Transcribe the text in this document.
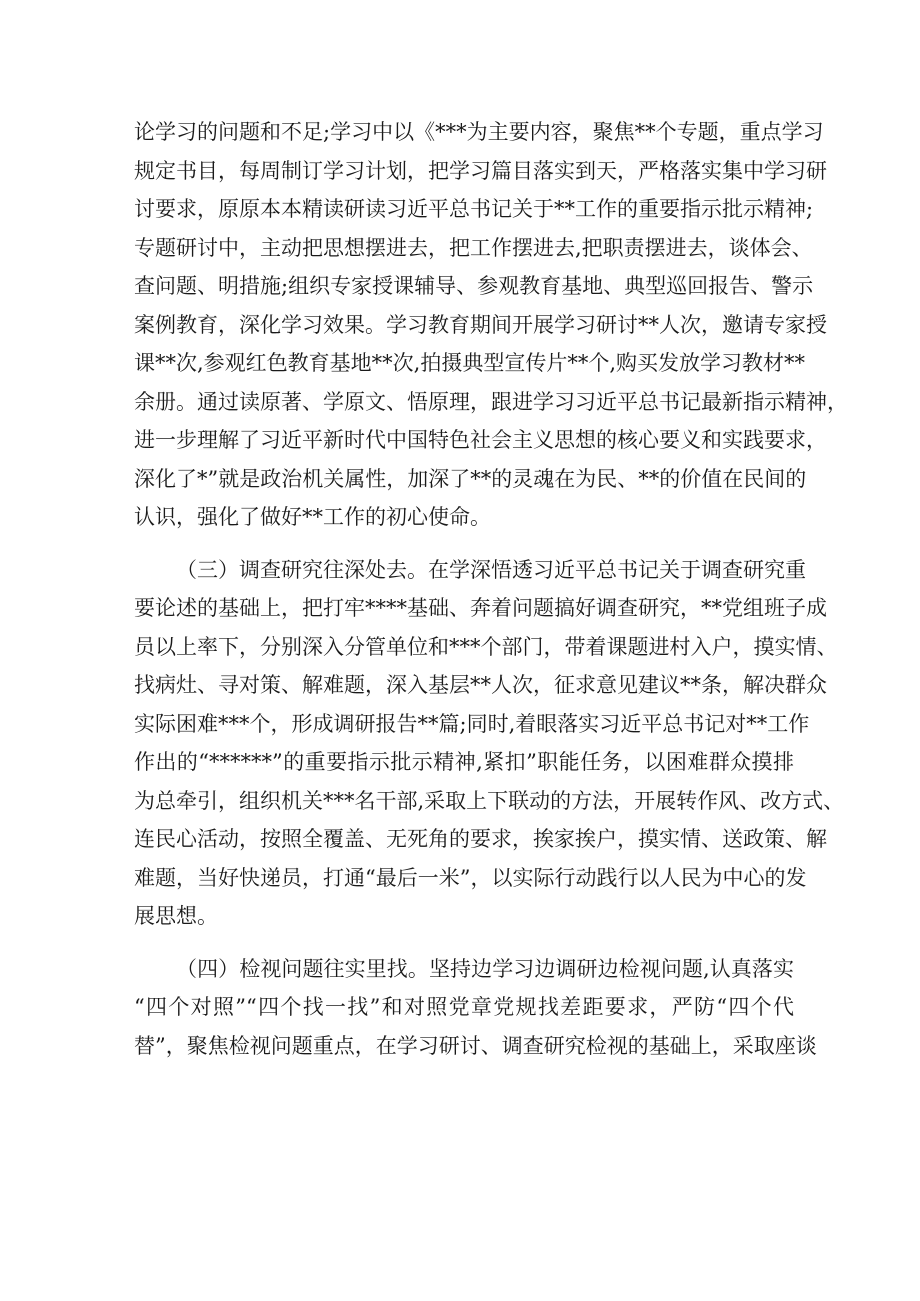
论学习的问题和不足;学习中以《***为主要内容，聚焦**个专题，重点学习
规定书目，每周制订学习计划，把学习篇目落实到天，严格落实集中学习研
讨要求，原原本本精读研读习近平总书记关于**工作的重要指示批示精神;
专题研讨中，主动把思想摆进去，把工作摆进去,把职责摆进去，谈体会、
查问题、明措施;组织专家授课辅导、参观教育基地、典型巡回报告、警示
案例教育，深化学习效果。学习教育期间开展学习研讨**人次，邀请专家授
课**次,参观红色教育基地**次,拍摄典型宣传片**个,购买发放学习教材**
余册。通过读原著、学原文、悟原理，跟进学习习近平总书记最新指示精神，
进一步理解了习近平新时代中国特色社会主义思想的核心要义和实践要求，
深化了*”就是政治机关属性，加深了**的灵魂在为民、**的价值在民间的
认识，强化了做好**工作的初心使命。
（三）调查研究往深处去。在学深悟透习近平总书记关于调查研究重
要论述的基础上，把打牢****基础、奔着问题搞好调查研究，**党组班子成
员以上率下，分别深入分管单位和***个部门，带着课题进村入户，摸实情、
找病灶、寻对策、解难题，深入基层**人次，征求意见建议**条，解决群众
实际困难***个，形成调研报告**篇;同时,着眼落实习近平总书记对**工作
作出的“******”的重要指示批示精神,紧扣”职能任务，以困难群众摸排
为总牵引，组织机关***名干部,采取上下联动的方法，开展转作风、改方式、
连民心活动，按照全覆盖、无死角的要求，挨家挨户，摸实情、送政策、解
难题，当好快递员，打通“最后一米”，以实际行动践行以人民为中心的发
展思想。
（四）检视问题往实里找。坚持边学习边调研边检视问题,认真落实
“四个对照”“四个找一找”和对照党章党规找差距要求，严防“四个代
替”，聚焦检视问题重点，在学习研讨、调查研究检视的基础上，采取座谈
